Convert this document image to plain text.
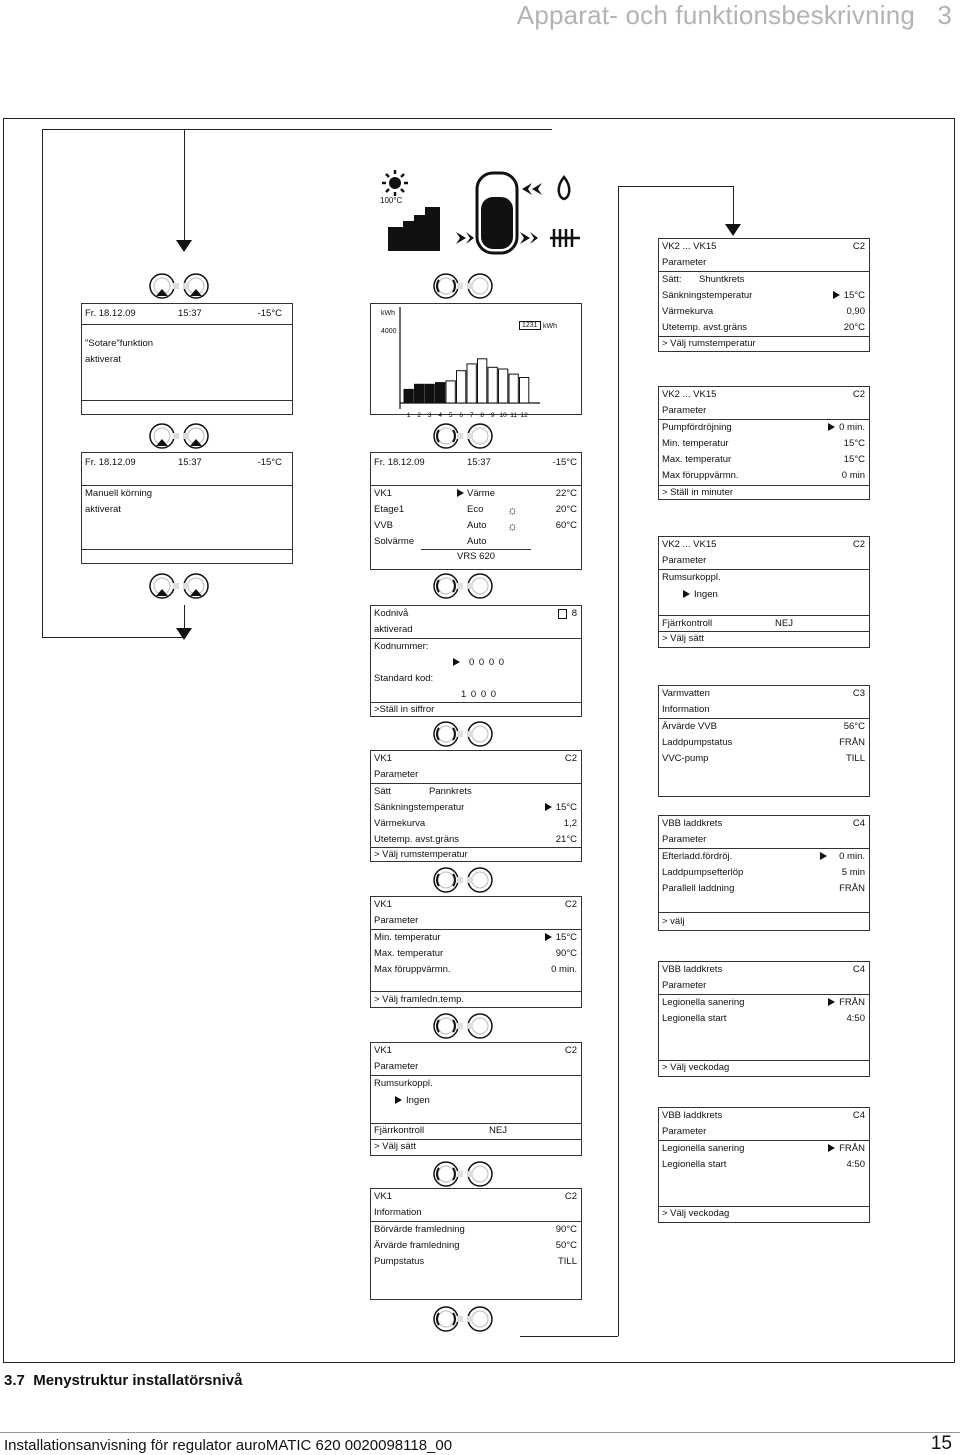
Apparat- och funktionsbeskrivning 3
100°C
Fr. 18.12.09	15:37	-15°C
"Sotare"funktion
aktiverat
Fr. 18.12.09	15:37	-15°C
Manuell körning
aktiverat
kWh
4000
1231 kWh
1 2 3 4 5 6 7 8 9 10 11 12
Fr. 18.12.09	15:37	-15°C
VK1	Värme	22°C
Etage1	Eco ☼	20°C
VVB	Auto ☼	60°C
Solvärme	Auto
VRS 620
Kodnivå	8
aktiverad
Kodnummer:
0 0 0 0
Standard kod:
1 0 0 0
>Ställ in siffror
VK1	C2
Parameter
Sätt	Pannkrets
Sänkningstemperatur	15°C
Värmekurva	1,2
Utetemp. avst.gräns	21°C
> Välj rumstemperatur
VK1	C2
Parameter
Min. temperatur	15°C
Max. temperatur	90°C
Max föruppvärmn.	0 min.
> Välj framledn.temp.
VK1	C2
Parameter
Rumsurkoppl.
Ingen
Fjärrkontroll	NEJ
> Välj sätt
VK1	C2
Information
Börvärde framledning	90°C
Ärvärde framledning	50°C
Pumpstatus	TILL
VK2 ... VK15	C2
Parameter
Sätt: Shuntkrets
Sänkningstemperatur	15°C
Värmekurva	0,90
Utetemp. avst.gräns	20°C
> Välj rumstemperatur
VK2 ... VK15	C2
Parameter
Pumpfördröjning	0 min.
Min. temperatur	15°C
Max. temperatur	15°C
Max föruppvärmn.	0 min
> Ställ in minuter
VK2 ... VK15	C2
Parameter
Rumsurkoppl.
Ingen
Fjärrkontroll	NEJ
> Välj sätt
Varmvatten	C3
Information
Ärvärde VVB	56°C
Laddpumpstatus	FRÅN
VVC-pump	TILL
VBB laddkrets	C4
Parameter
Efterladd.fördröj.	0 min.
Laddpumpsefterlöp	5 min
Parallell laddning	FRÅN
> välj
VBB laddkrets	C4
Parameter
Legionella sanering	FRÅN
Legionella start	4:50
> Välj veckodag
VBB laddkrets	C4
Parameter
Legionella sanering	FRÅN
Legionella start	4:50
> Välj veckodag
3.7 Menystruktur installatörsnivå
Installationsanvisning för regulator auroMATIC 620 0020098118_00	15
